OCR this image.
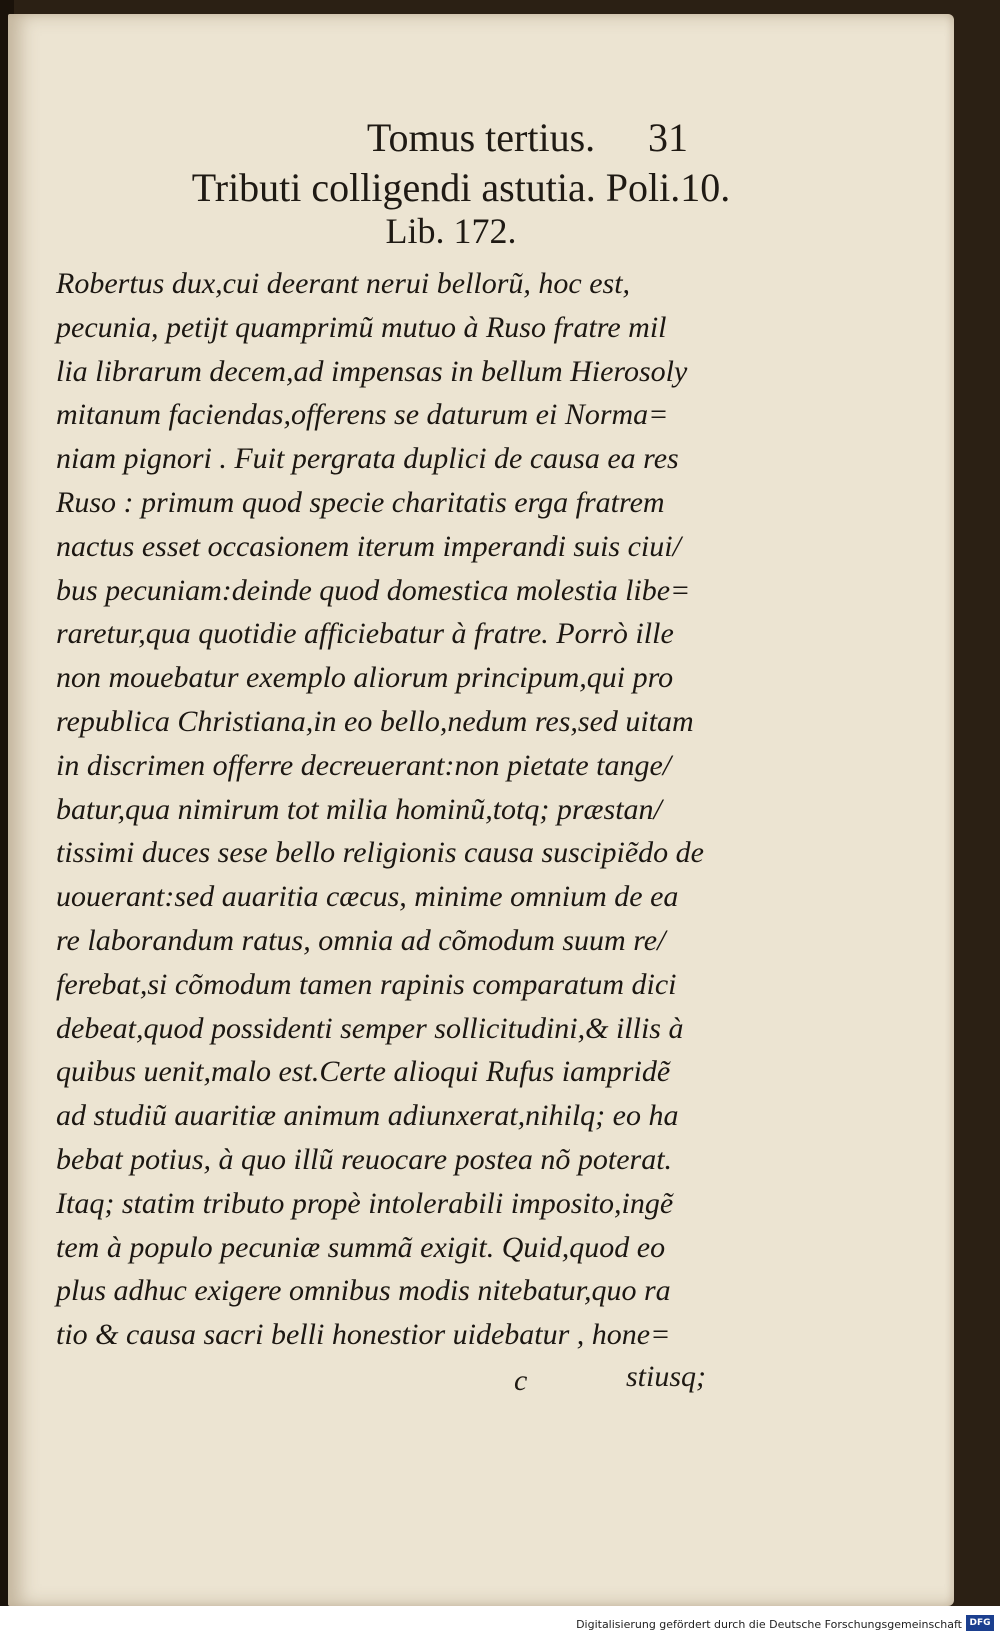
Tomus tertius.	31
Tributi colligendi astutia. Poli.10.
Lib. 172.
Robertus dux,cui deerant nerui bellorũ, hoc est,
pecunia, petijt quamprimũ mutuo à Ruso fratre mil
lia librarum decem,ad impensas in bellum Hierosoly
mitanum faciendas,offerens se daturum ei Norma=
niam pignori . Fuit pergrata duplici de causa ea res
Ruso : primum quod specie charitatis erga fratrem
nactus esset occasionem iterum imperandi suis ciui/
bus pecuniam:deinde quod domestica molestia libe=
raretur,qua quotidie afficiebatur à fratre. Porrò ille
non mouebatur exemplo aliorum principum,qui pro
republica Christiana,in eo bello,nedum res,sed uitam
in discrimen offerre decreuerant:non pietate tange/
batur,qua nimirum tot milia hominũ,totq; præstan/
tissimi duces sese bello religionis causa suscipiẽdo de
uouerant:sed auaritia cæcus, minime omnium de ea
re laborandum ratus, omnia ad cõmodum suum re/
ferebat,si cõmodum tamen rapinis comparatum dici
debeat,quod possidenti semper sollicitudini,& illis à
quibus uenit,malo est.Certe alioqui Rufus iampridẽ
ad studiũ auaritiæ animum adiunxerat,nihilq; eo ha
bebat potius, à quo illũ reuocare postea nõ poterat.
Itaq; statim tributo propè intolerabili imposito,ingẽ
tem à populo pecuniæ summã exigit. Quid,quod eo
plus adhuc exigere omnibus modis nitebatur,quo ra
tio & causa sacri belli honestior uidebatur , hone=
c	stiusq;
Digitalisierung gefördert durch die Deutsche Forschungsgemeinschaft DFG
